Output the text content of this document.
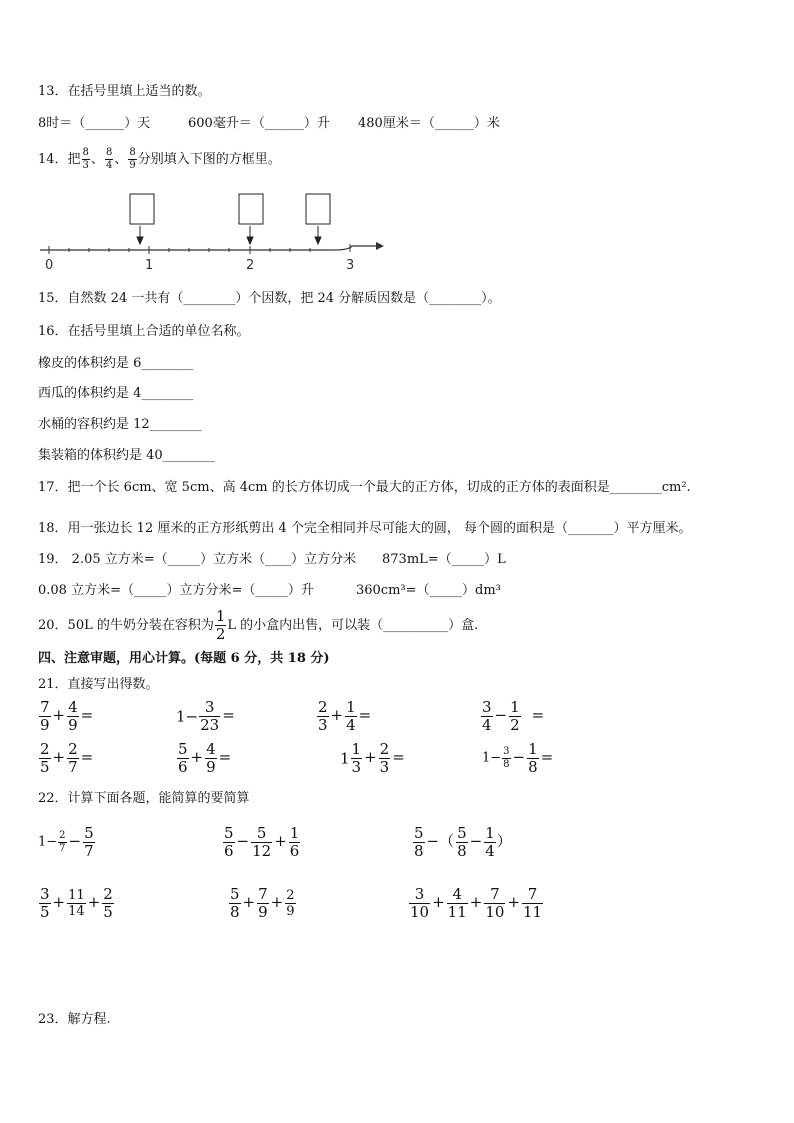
13．在括号里填上适当的数。
8时＝（______）天	600毫升＝（______）升 480厘米＝（______）米
14．把 $\frac{8}{3}$ 、 $\frac{8}{4}$ 、 $\frac{8}{9}$ 分别填入下图的方框里。
0	1	2	3
15．自然数 24 一共有（________）个因数，把 24 分解质因数是（________）。
16．在括号里填上合适的单位名称。
橡皮的体积约是 6________
西瓜的体积约是 4________
水桶的容积约是 12________
集装箱的体积约是 40________
17．把一个长 6cm、宽 5cm、高 4cm 的长方体切成一个最大的正方体，切成的正方体的表面积是________cm².
18．用一张边长 12 厘米的正方形纸剪出 4 个完全相同并尽可能大的圆， 每个圆的面积是（_______）平方厘米。
19． 2.05 立方米=（_____）立方米（____）立方分米 873mL=（_____）L
0.08 立方米=（_____）立方分米=（_____）升	360cm³=（_____）dm³
20．50L 的牛奶分装在容积为 $\frac{1}{2}$ L 的小盒内出售，可以装（__________）盒.
四、注意审题，用心计算。(每题 6 分，共 18 分)
21．直接写出得数。
$\frac{7}{9} + \frac{4}{9}$ =	$1- \frac{3}{23}$ =	$\frac{2}{3} + \frac{1}{4}$ =	$\frac{3}{4} - \frac{1}{2}$ =
$\frac{2}{5} + \frac{2}{7}$ =	$\frac{5}{6} + \frac{4}{9}$ =	$1 \frac{1}{3} + \frac{2}{3}$ =	$1- \frac{3}{8} - \frac{1}{8}$ =
22．计算下面各题，能简算的要简算
$1- \frac{2}{7} - \frac{5}{7}$	$\frac{5}{6} - \frac{5}{12} + \frac{1}{6}$	$\frac{5}{8}$ −（ $\frac{5}{8} - \frac{1}{4}$ ）
$\frac{3}{5} + \frac{11}{14} + \frac{2}{5}$	$\frac{5}{8} + \frac{7}{9} + \frac{2}{9}$	$\frac{3}{10} + \frac{4}{11} + \frac{7}{10} + \frac{7}{11}$
23．解方程.
